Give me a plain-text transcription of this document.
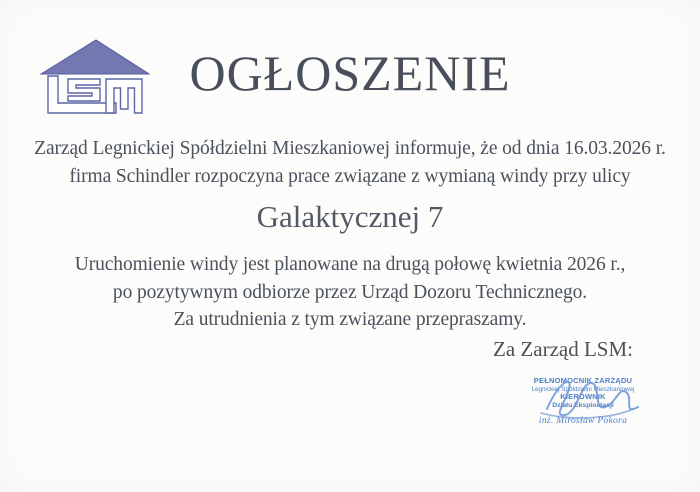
OGŁOSZENIE

Zarząd Legnickiej Spółdzielni Mieszkaniowej informuje, że od dnia 16.03.2026 r.
firma Schindler rozpoczyna prace związane z wymianą windy przy ulicy

Galaktycznej 7

Uruchomienie windy jest planowane na drugą połowę kwietnia 2026 r.,
po pozytywnym odbiorze przez Urząd Dozoru Technicznego.
Za utrudnienia z tym związane przepraszamy.

Za Zarząd LSM:
PEŁNOMOCNIK ZARZĄDU
Legnickiej Spółdzielni Mieszkaniowej
KIEROWNIK
Działu Eksploatacji
inż. Mirosław Pokora
